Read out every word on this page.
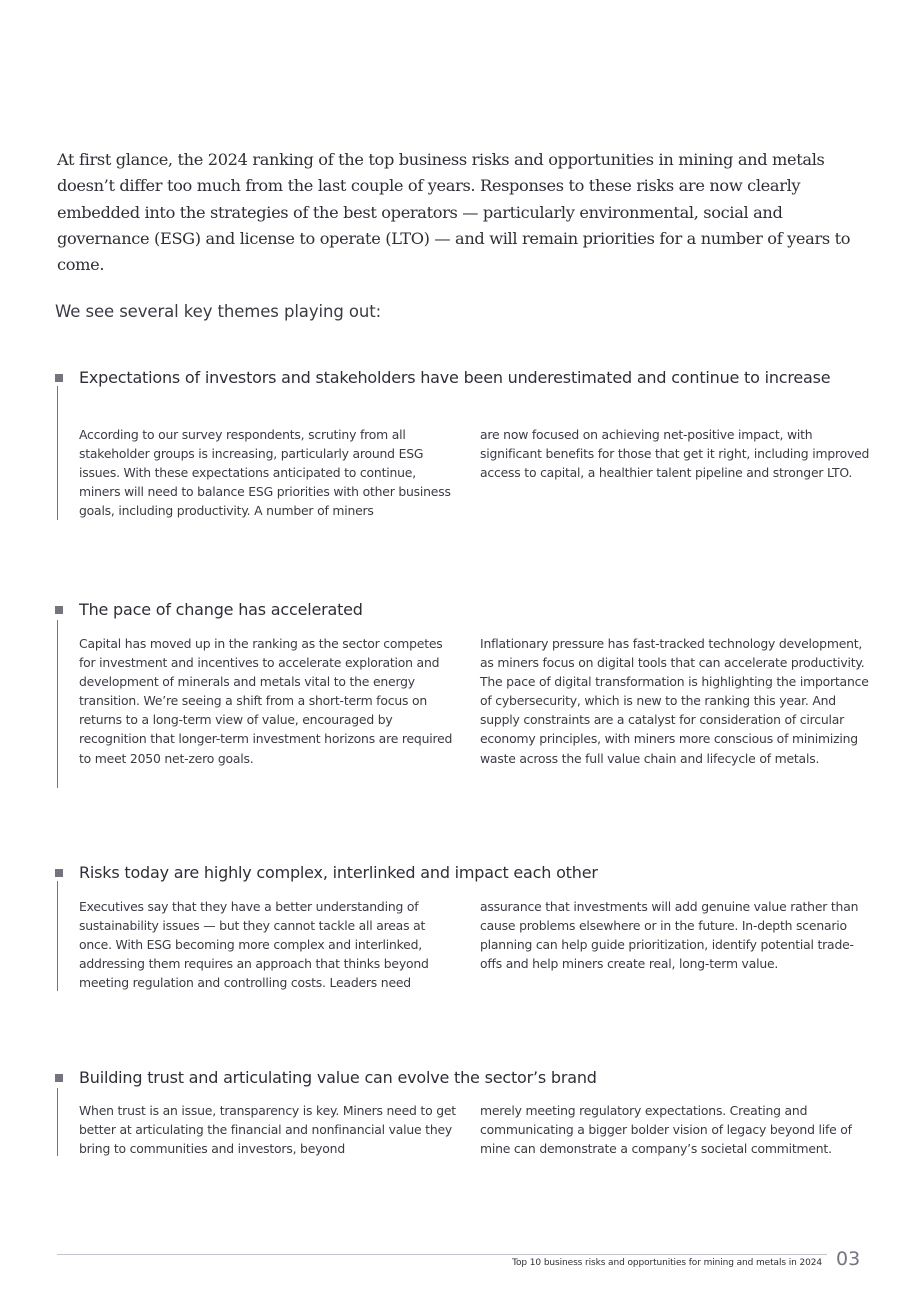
At first glance, the 2024 ranking of the top business risks and opportunities in mining and metals doesn’t differ too much from the last couple of years. Responses to these risks are now clearly embedded into the strategies of the best operators — particularly environmental, social and governance (ESG) and license to operate (LTO) — and will remain priorities for a number of years to come.
We see several key themes playing out:
Expectations of investors and stakeholders have been underestimated and continue to increase
According to our survey respondents, scrutiny from all stakeholder groups is increasing, particularly around ESG issues. With these expectations anticipated to continue, miners will need to balance ESG priorities with other business goals, including productivity. A number of miners
are now focused on achieving net-positive impact, with significant benefits for those that get it right, including improved access to capital, a healthier talent pipeline and stronger LTO.
The pace of change has accelerated
Capital has moved up in the ranking as the sector competes for investment and incentives to accelerate exploration and development of minerals and metals vital to the energy transition. We’re seeing a shift from a short-term focus on returns to a long-term view of value, encouraged by recognition that longer-term investment horizons are required to meet 2050 net-zero goals.
Inflationary pressure has fast-tracked technology development, as miners focus on digital tools that can accelerate productivity. The pace of digital transformation is highlighting the importance of cybersecurity, which is new to the ranking this year. And supply constraints are a catalyst for consideration of circular economy principles, with miners more conscious of minimizing waste across the full value chain and lifecycle of metals.
Risks today are highly complex, interlinked and impact each other
Executives say that they have a better understanding of sustainability issues — but they cannot tackle all areas at once. With ESG becoming more complex and interlinked, addressing them requires an approach that thinks beyond meeting regulation and controlling costs. Leaders need
assurance that investments will add genuine value rather than cause problems elsewhere or in the future. In-depth scenario planning can help guide prioritization, identify potential trade-offs and help miners create real, long-term value.
Building trust and articulating value can evolve the sector’s brand
When trust is an issue, transparency is key. Miners need to get better at articulating the financial and nonfinancial value they bring to communities and investors, beyond
merely meeting regulatory expectations. Creating and communicating a bigger bolder vision of legacy beyond life of mine can demonstrate a company’s societal commitment.
Top 10 business risks and opportunities for mining and metals in 2024 03
